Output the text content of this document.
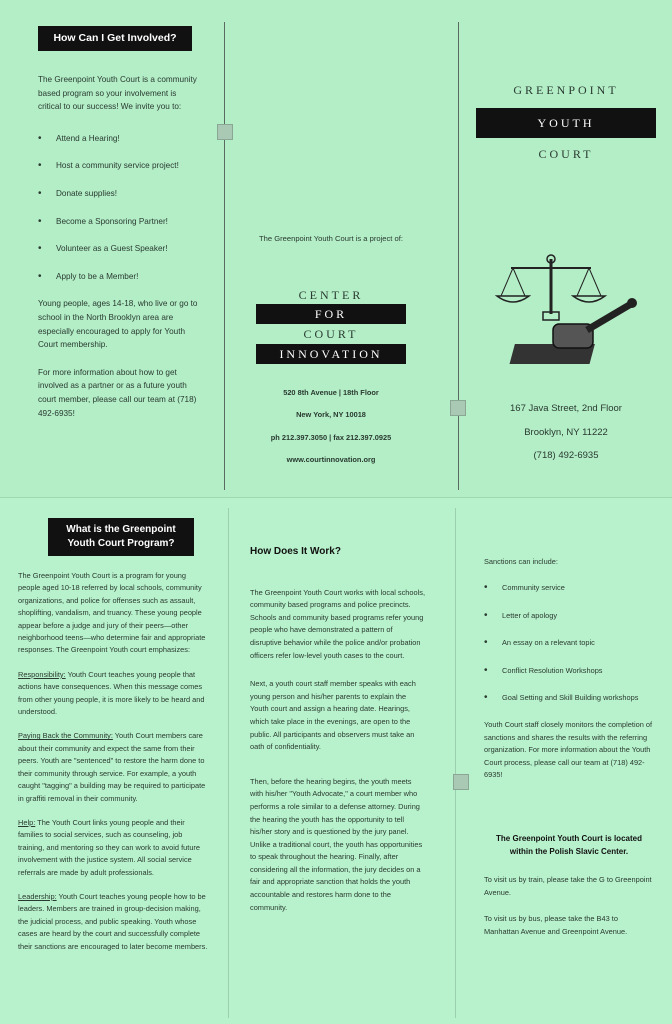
How Can I Get Involved?

The Greenpoint Youth Court is a community based program so your involvement is critical to our success! We invite you to:

• Attend a Hearing!
• Host a community service project!
• Donate supplies!
• Become a Sponsoring Partner!
• Volunteer as a Guest Speaker!
• Apply to be a Member!

Young people, ages 14-18, who live or go to school in the North Brooklyn area are especially encouraged to apply for Youth Court membership.

For more information about how to get involved as a partner or as a future youth court member, please call our team at (718) 492-6935!

The Greenpoint Youth Court is a project of:
CENTER
FOR
COURT
INNOVATION
520 8th Avenue | 18th Floor
New York, NY 10018
ph 212.397.3050 | fax 212.397.0925
www.courtinnovation.org
GREENPOINT
YOUTH
COURT
167 Java Street, 2nd Floor
Brooklyn, NY 11222
(718) 492-6935
What is the Greenpoint Youth Court Program?

The Greenpoint Youth Court is a program for young people aged 10-18 referred by local schools, community organizations, and police for offenses such as assault, shoplifting, vandalism, and truancy. These young people appear before a judge and jury of their peers—other neighborhood teens—who determine fair and appropriate responses. The Greenpoint Youth court emphasizes:

Responsibility: Youth Court teaches young people that actions have consequences. When this message comes from other young people, it is more likely to be heard and understood.

Paying Back the Community: Youth Court members care about their community and expect the same from their peers. Youth are "sentenced" to restore the harm done to their community through service. For example, a youth caught "tagging" a building may be required to participate in graffiti removal in their community.

Help: The Youth Court links young people and their families to social services, such as counseling, job training, and mentoring so they can work to avoid future involvement with the justice system. All social service referrals are made by adult professionals.

Leadership: Youth Court teaches young people how to be leaders. Members are trained in group-decision making, the judicial process, and public speaking. Youth whose cases are heard by the court and successfully complete their sanctions are encouraged to later become members.

How Does It Work?

The Greenpoint Youth Court works with local schools, community based programs and police precincts. Schools and community based programs refer young people who have demonstrated a pattern of disruptive behavior while the police and/or probation officers refer low-level youth cases to the court.

Next, a youth court staff member speaks with each young person and his/her parents to explain the Youth court and assign a hearing date. Hearings, which take place in the evenings, are open to the public. All participants and observers must take an oath of confidentiality.

Then, before the hearing begins, the youth meets with his/her "Youth Advocate," a court member who performs a role similar to a defense attorney. During the hearing the youth has the opportunity to tell his/her story and is questioned by the jury panel. Unlike a traditional court, the youth has opportunities to speak throughout the hearing. Finally, after considering all the information, the jury decides on a fair and appropriate sanction that holds the youth accountable and restores harm done to the community.

Sanctions can include:
• Community service
• Letter of apology
• An essay on a relevant topic
• Conflict Resolution Workshops
• Goal Setting and Skill Building workshops

Youth Court staff closely monitors the completion of sanctions and shares the results with the referring organization. For more information about the Youth Court process, please call our team at (718) 492-6935!

The Greenpoint Youth Court is located within the Polish Slavic Center.

To visit us by train, please take the G to Greenpoint Avenue.

To visit us by bus, please take the B43 to Manhattan Avenue and Greenpoint Avenue.
